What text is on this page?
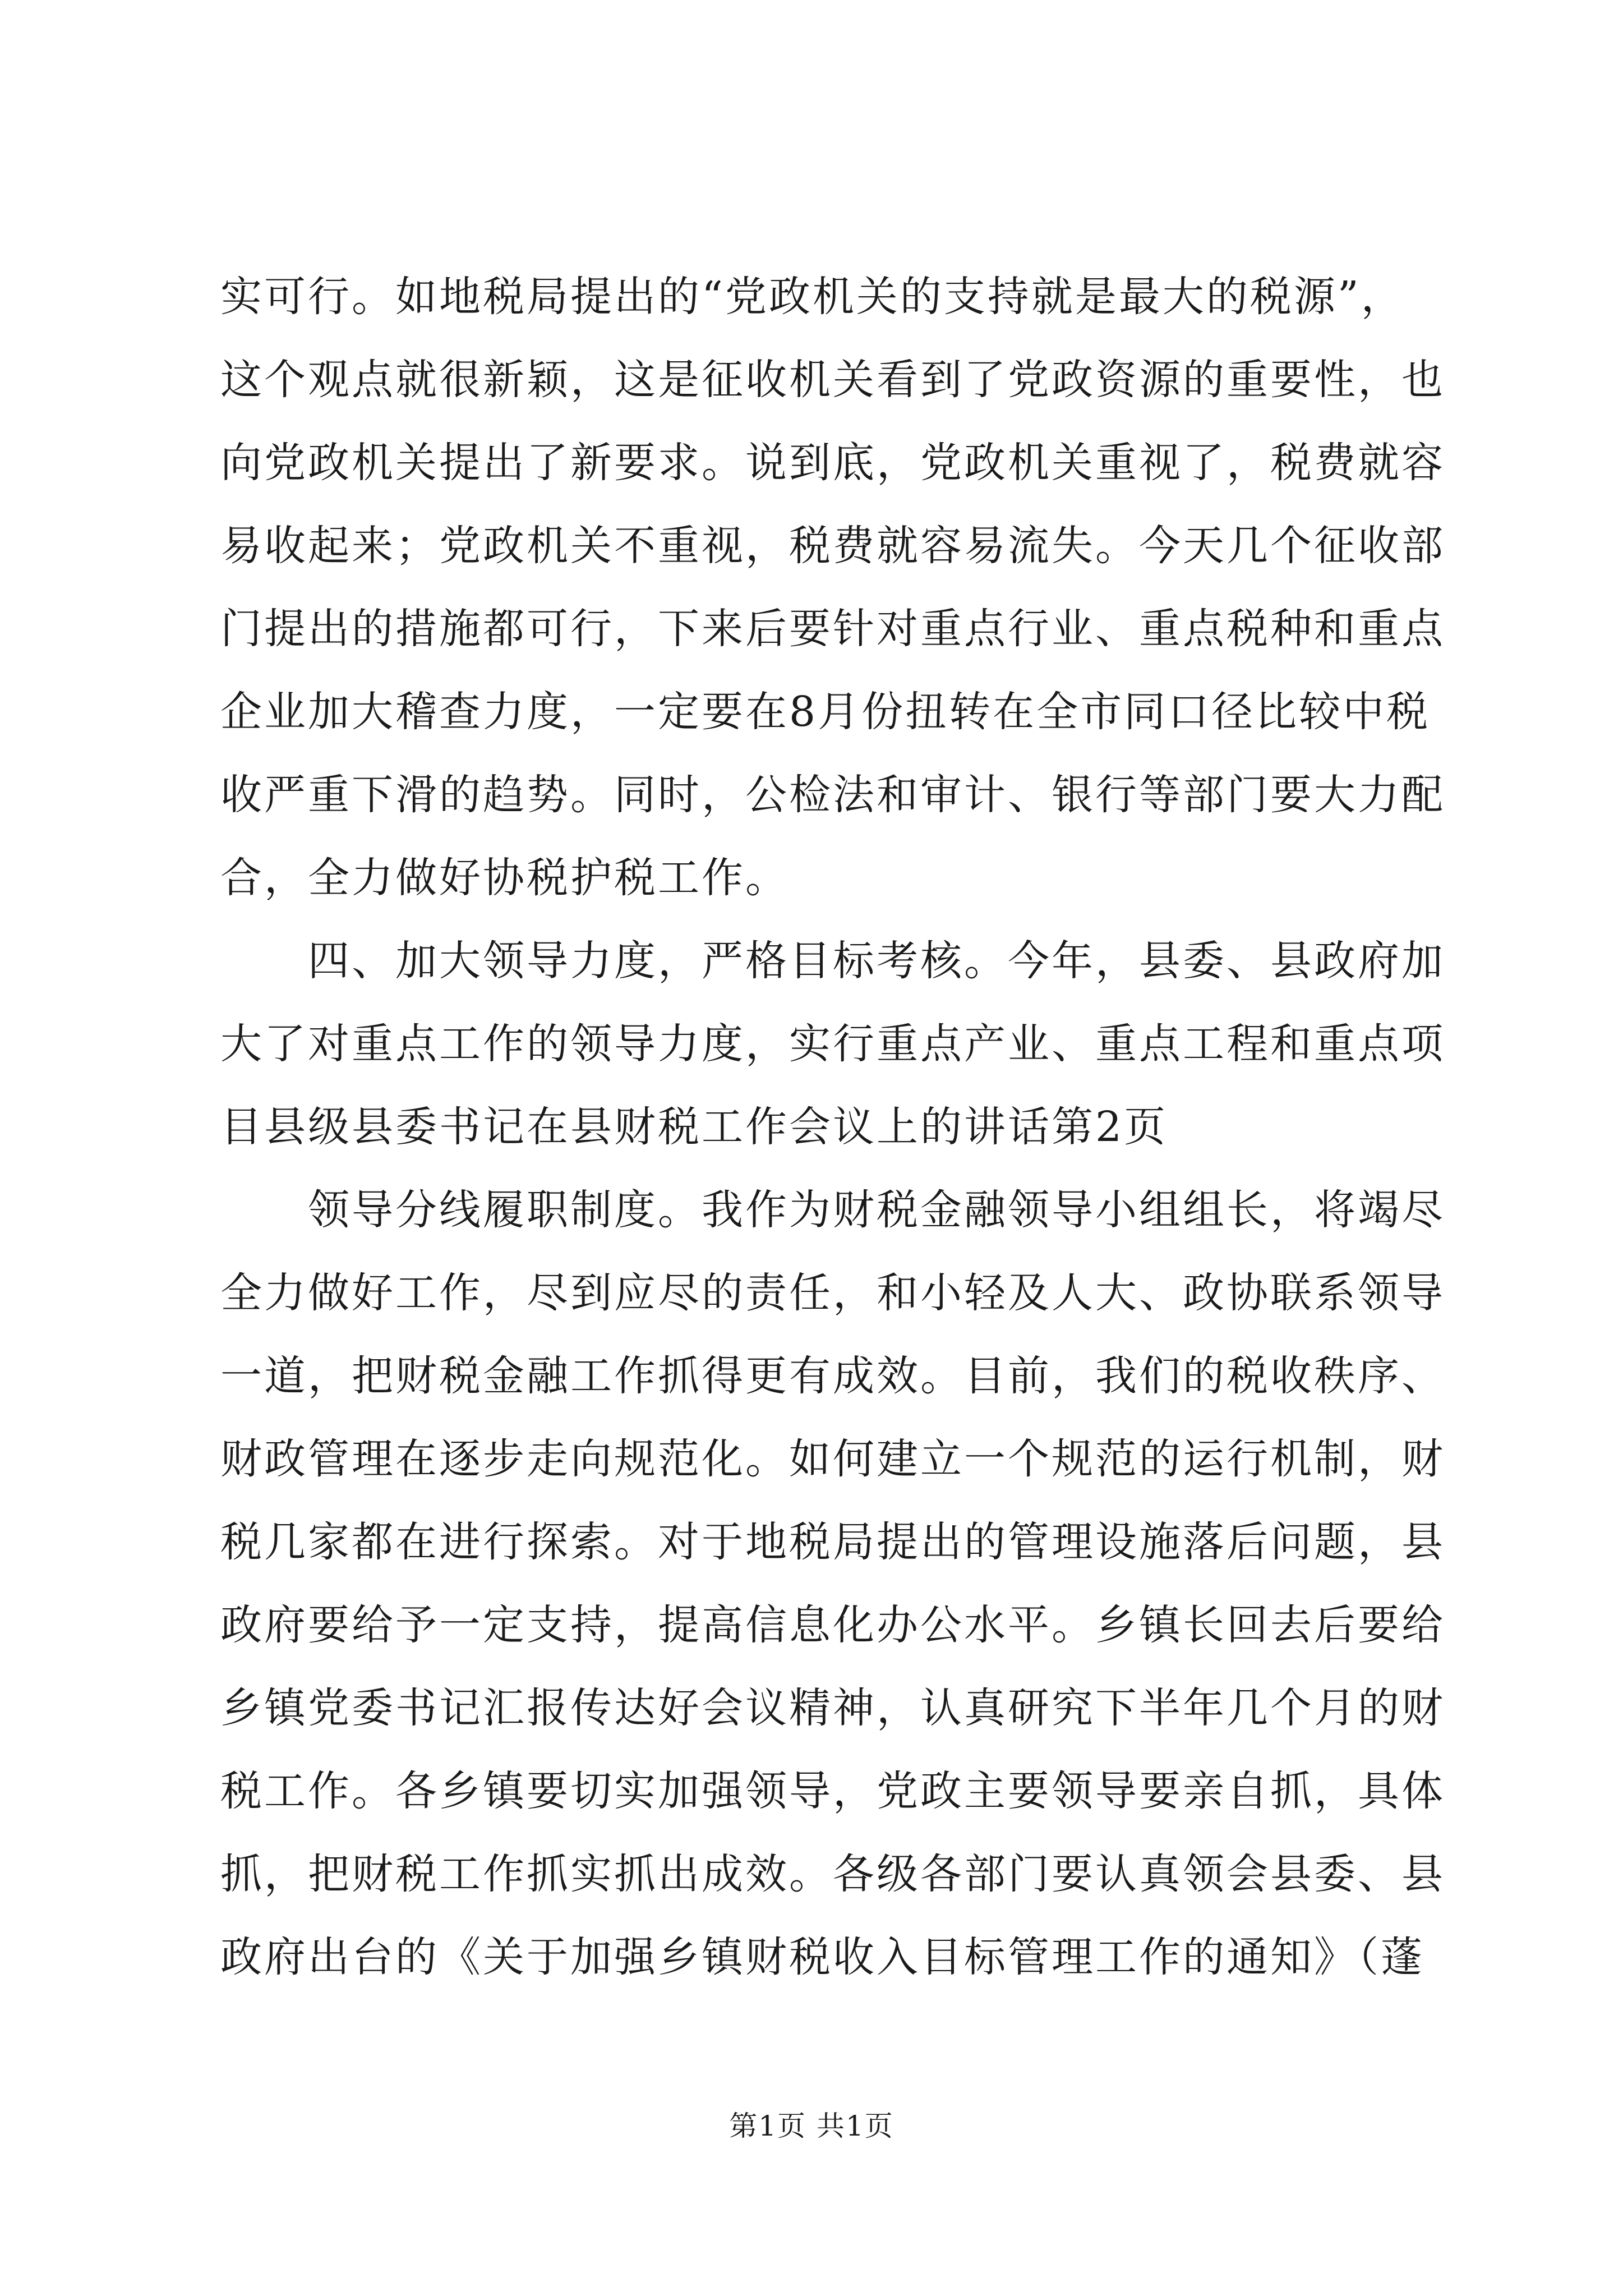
实可行。如地税局提出的“党政机关的支持就是最大的税源”，
这个观点就很新颖，这是征收机关看到了党政资源的重要性，也
向党政机关提出了新要求。说到底，党政机关重视了，税费就容
易收起来；党政机关不重视，税费就容易流失。今天几个征收部
门提出的措施都可行，下来后要针对重点行业、重点税种和重点
企业加大稽查力度，一定要在8月份扭转在全市同口径比较中税
收严重下滑的趋势。同时，公检法和审计、银行等部门要大力配
合，全力做好协税护税工作。
四、加大领导力度，严格目标考核。今年，县委、县政府加
大了对重点工作的领导力度，实行重点产业、重点工程和重点项
目县级县委书记在县财税工作会议上的讲话第2页
领导分线履职制度。我作为财税金融领导小组组长，将竭尽
全力做好工作，尽到应尽的责任，和小轻及人大、政协联系领导
一道，把财税金融工作抓得更有成效。目前，我们的税收秩序、
财政管理在逐步走向规范化。如何建立一个规范的运行机制，财
税几家都在进行探索。对于地税局提出的管理设施落后问题，县
政府要给予一定支持，提高信息化办公水平。乡镇长回去后要给
乡镇党委书记汇报传达好会议精神，认真研究下半年几个月的财
税工作。各乡镇要切实加强领导，党政主要领导要亲自抓，具体
抓，把财税工作抓实抓出成效。各级各部门要认真领会县委、县
政府出台的《关于加强乡镇财税收入目标管理工作的通知》（蓬
第1页 共1页
